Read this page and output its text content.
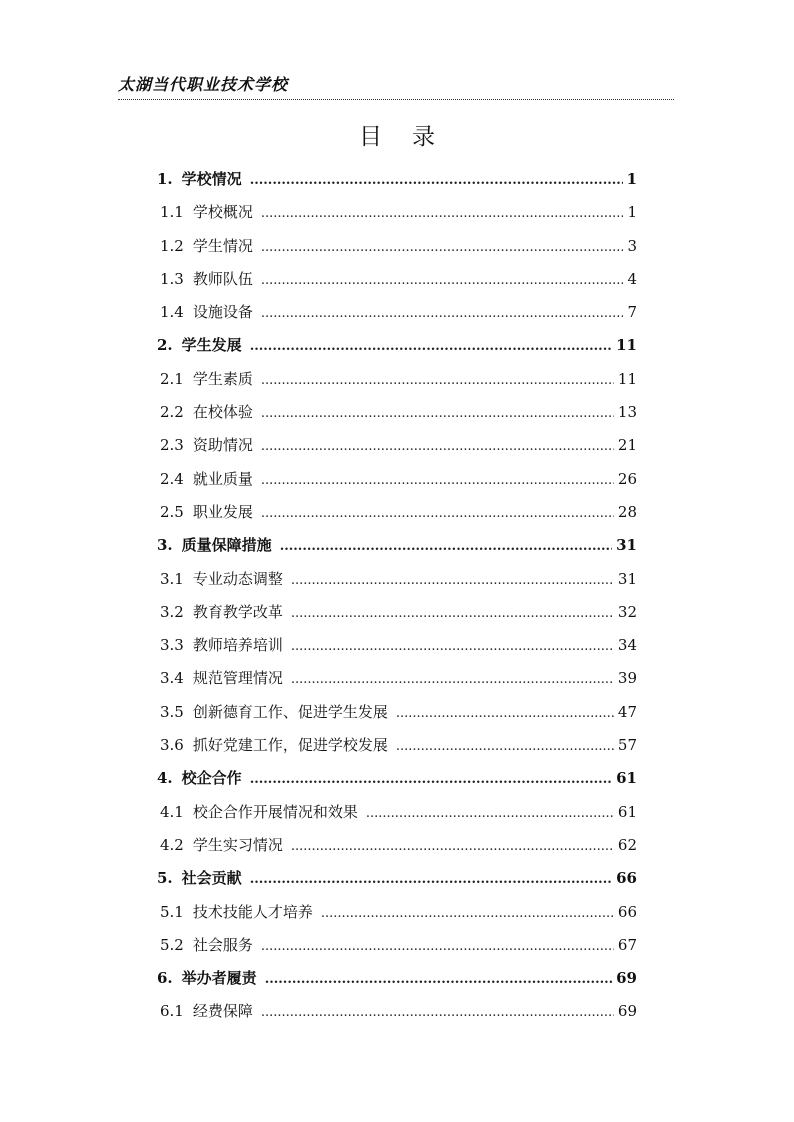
太湖当代职业技术学校
目录
1. 学校情况 .....	1
1.1 学校概况 .....	1
1.2 学生情况 .....	3
1.3 教师队伍 .....	4
1.4 设施设备 .....	7
2. 学生发展 .....	11
2.1 学生素质 .....	11
2.2 在校体验 .....	13
2.3 资助情况 .....	21
2.4 就业质量 .....	26
2.5 职业发展 .....	28
3. 质量保障措施 .....	31
3.1 专业动态调整 .....	31
3.2 教育教学改革 .....	32
3.3 教师培养培训 .....	34
3.4 规范管理情况 .....	39
3.5 创新德育工作、促进学生发展 .....	47
3.6 抓好党建工作，促进学校发展 .....	57
4. 校企合作 .....	61
4.1 校企合作开展情况和效果 .....	61
4.2 学生实习情况 .....	62
5. 社会贡献 .....	66
5.1 技术技能人才培养 .....	66
5.2 社会服务 .....	67
6. 举办者履责 .....	69
6.1 经费保障 .....	69
